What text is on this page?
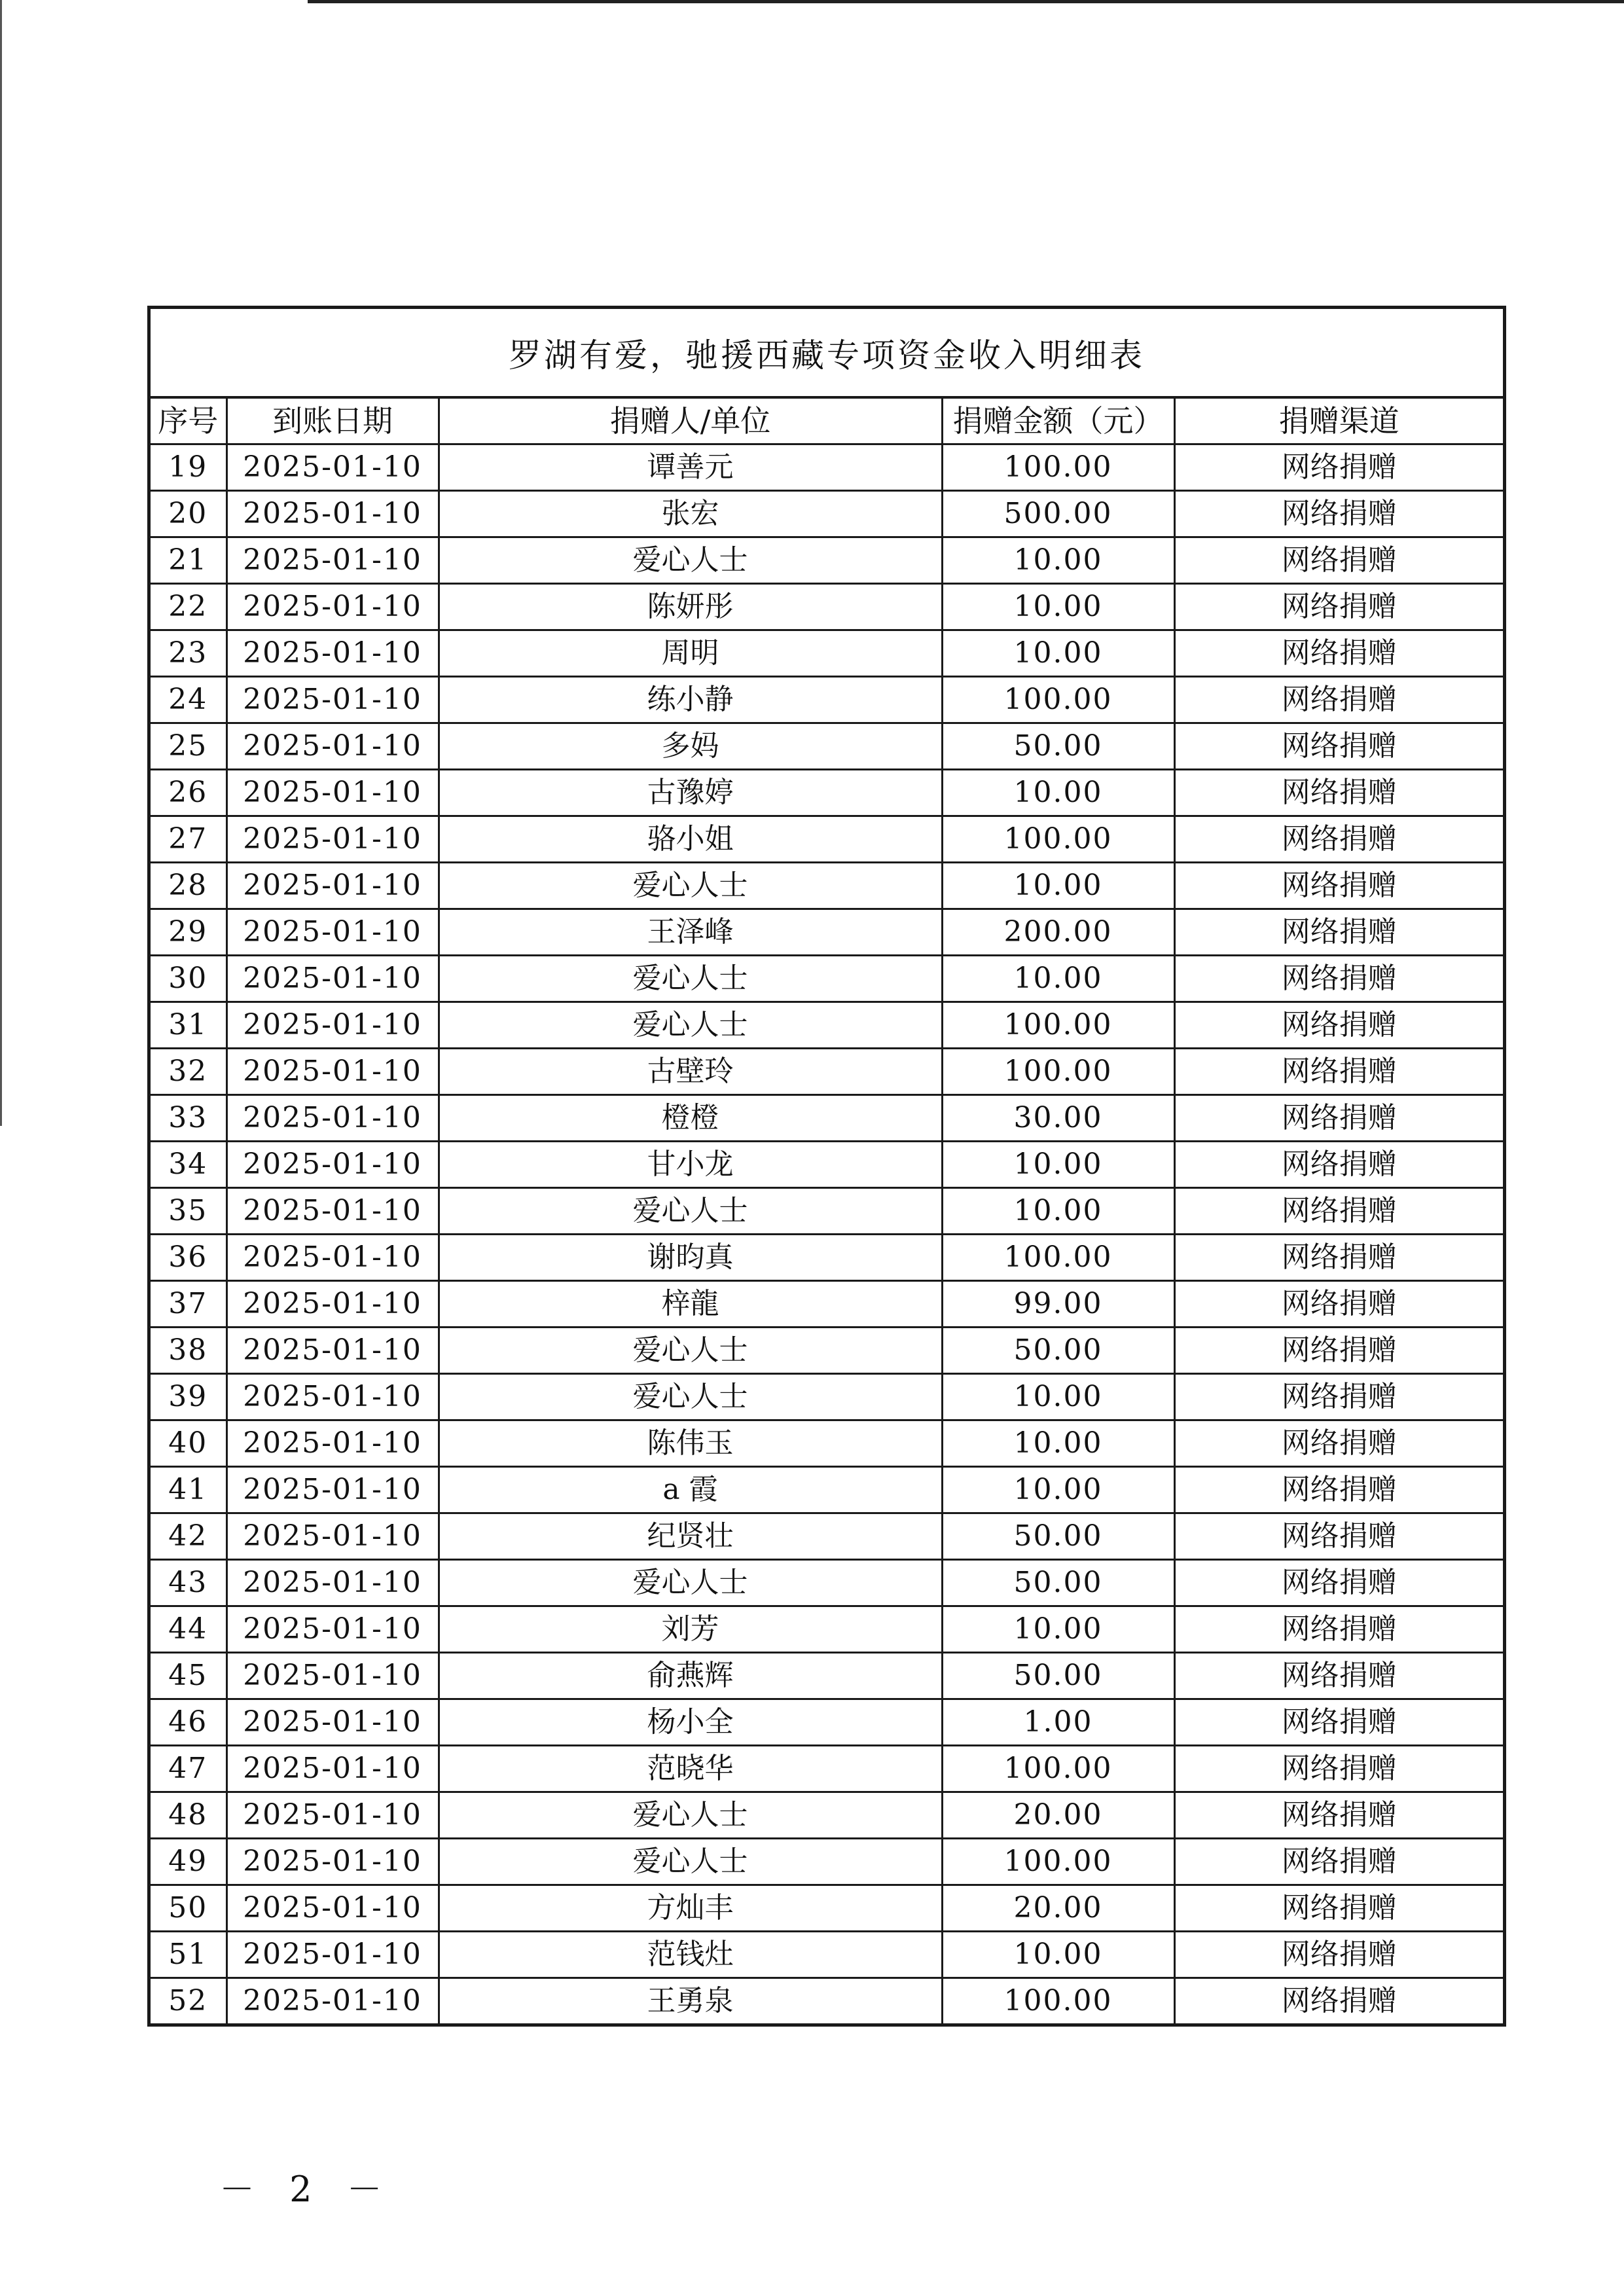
罗湖有爱，驰援西藏专项资金收入明细表
序号	到账日期	捐赠人/单位	捐赠金额（元）	捐赠渠道
19	2025-01-10	谭善元	100.00	网络捐赠
20	2025-01-10	张宏	500.00	网络捐赠
21	2025-01-10	爱心人士	10.00	网络捐赠
22	2025-01-10	陈妍彤	10.00	网络捐赠
23	2025-01-10	周明	10.00	网络捐赠
24	2025-01-10	练小静	100.00	网络捐赠
25	2025-01-10	多妈	50.00	网络捐赠
26	2025-01-10	古豫婷	10.00	网络捐赠
27	2025-01-10	骆小姐	100.00	网络捐赠
28	2025-01-10	爱心人士	10.00	网络捐赠
29	2025-01-10	王泽峰	200.00	网络捐赠
30	2025-01-10	爱心人士	10.00	网络捐赠
31	2025-01-10	爱心人士	100.00	网络捐赠
32	2025-01-10	古壁玲	100.00	网络捐赠
33	2025-01-10	橙橙	30.00	网络捐赠
34	2025-01-10	甘小龙	10.00	网络捐赠
35	2025-01-10	爱心人士	10.00	网络捐赠
36	2025-01-10	谢昀真	100.00	网络捐赠
37	2025-01-10	梓龍	99.00	网络捐赠
38	2025-01-10	爱心人士	50.00	网络捐赠
39	2025-01-10	爱心人士	10.00	网络捐赠
40	2025-01-10	陈伟玉	10.00	网络捐赠
41	2025-01-10	a 霞	10.00	网络捐赠
42	2025-01-10	纪贤壮	50.00	网络捐赠
43	2025-01-10	爱心人士	50.00	网络捐赠
44	2025-01-10	刘芳	10.00	网络捐赠
45	2025-01-10	俞燕辉	50.00	网络捐赠
46	2025-01-10	杨小全	1.00	网络捐赠
47	2025-01-10	范晓华	100.00	网络捐赠
48	2025-01-10	爱心人士	20.00	网络捐赠
49	2025-01-10	爱心人士	100.00	网络捐赠
50	2025-01-10	方灿丰	20.00	网络捐赠
51	2025-01-10	范钱灶	10.00	网络捐赠
52	2025-01-10	王勇泉	100.00	网络捐赠
－ 2 －
